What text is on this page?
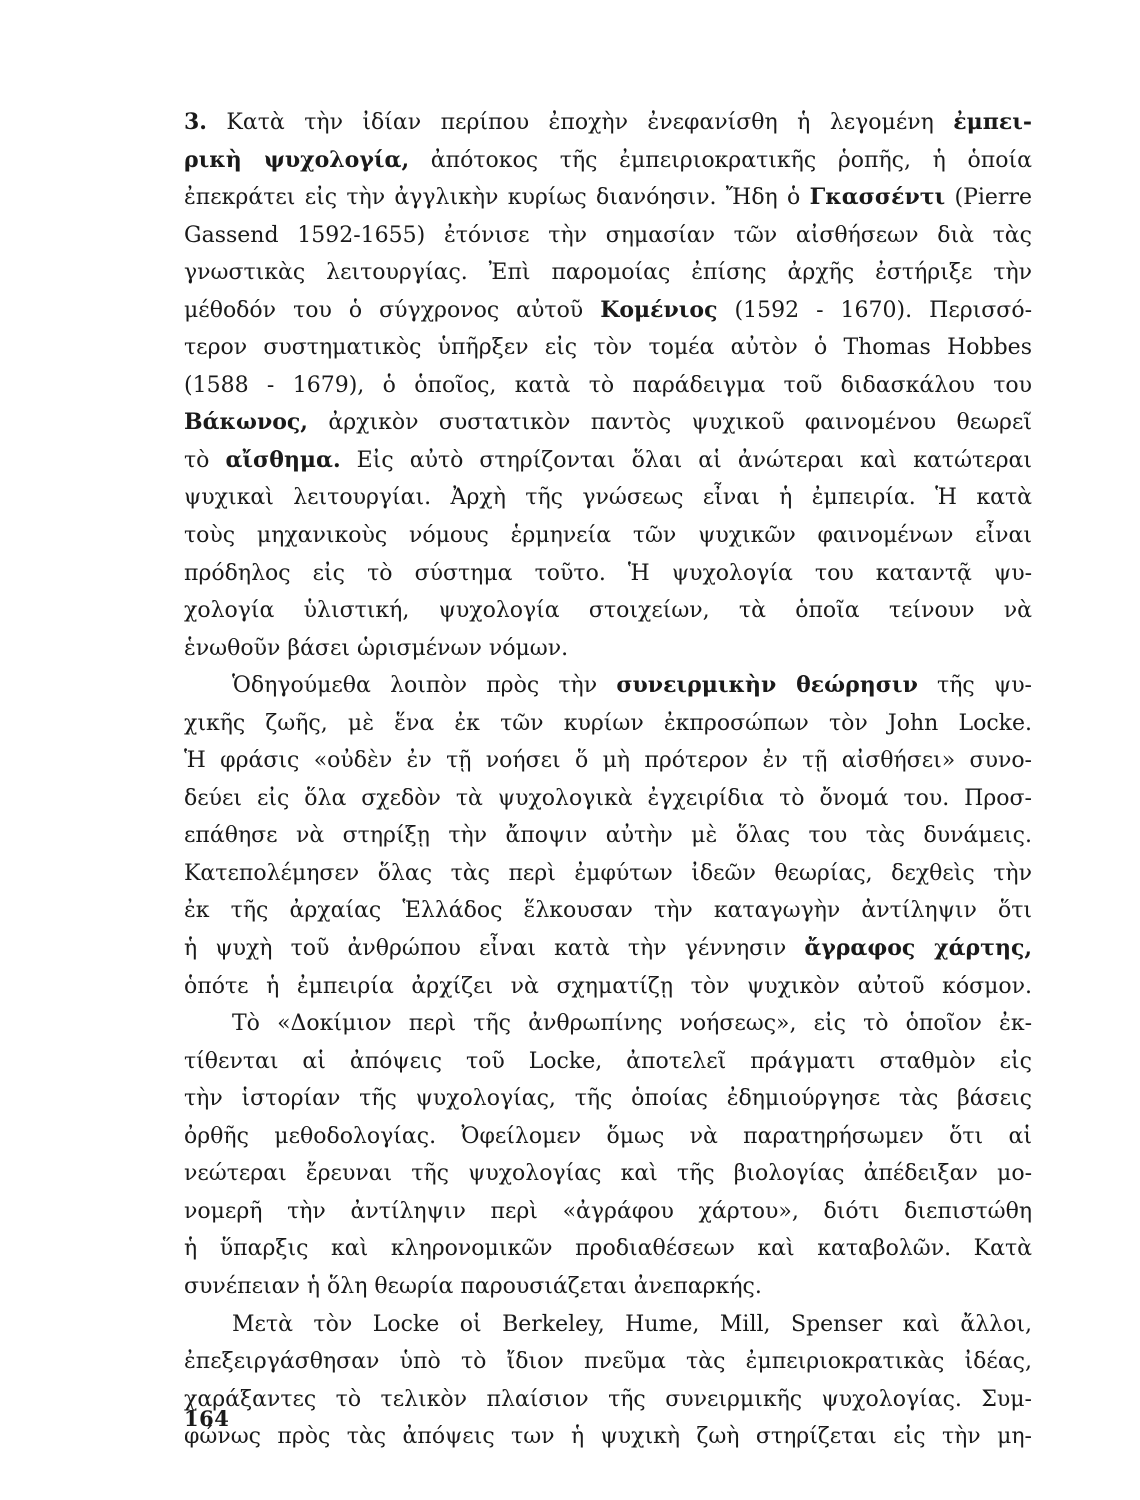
3. Κατὰ τὴν ἰδίαν περίπου ἐποχὴν ἐνεφανίσθη ἡ λεγομένη ἐμπει-
ρικὴ ψυχολογία, ἀπότοκος τῆς ἐμπειριοκρατικῆς ῥοπῆς, ἡ ὁποία
ἐπεκράτει εἰς τὴν ἀγγλικὴν κυρίως διανόησιν. Ἤδη ὁ Γκασσέντι (Pierre
Gassend 1592-1655) ἐτόνισε τὴν σημασίαν τῶν αἰσθήσεων διὰ τὰς
γνωστικὰς λειτουργίας. Ἐπὶ παρομοίας ἐπίσης ἀρχῆς ἐστήριξε τὴν
μέθοδόν του ὁ σύγχρονος αὐτοῦ Κομένιος (1592 - 1670). Περισσό-
τερον συστηματικὸς ὑπῆρξεν εἰς τὸν τομέα αὐτὸν ὁ Thomas Hobbes
(1588 - 1679), ὁ ὁποῖος, κατὰ τὸ παράδειγμα τοῦ διδασκάλου του
Βάκωνος, ἀρχικὸν συστατικὸν παντὸς ψυχικοῦ φαινομένου θεωρεῖ
τὸ αἴσθημα. Εἰς αὐτὸ στηρίζονται ὅλαι αἱ ἀνώτεραι καὶ κατώτεραι
ψυχικαὶ λειτουργίαι. Ἀρχὴ τῆς γνώσεως εἶναι ἡ ἐμπειρία. Ἡ κατὰ
τοὺς μηχανικοὺς νόμους ἑρμηνεία τῶν ψυχικῶν φαινομένων εἶναι
πρόδηλος εἰς τὸ σύστημα τοῦτο. Ἡ ψυχολογία του καταντᾷ ψυ-
χολογία ὑλιστική, ψυχολογία στοιχείων, τὰ ὁποῖα τείνουν νὰ
ἑνωθοῦν βάσει ὡρισμένων νόμων.
Ὁδηγούμεθα λοιπὸν πρὸς τὴν συνειρμικὴν θεώρησιν τῆς ψυ-
χικῆς ζωῆς, μὲ ἕνα ἐκ τῶν κυρίων ἐκπροσώπων τὸν John Locke.
Ἡ φράσις «οὐδὲν ἐν τῇ νοήσει ὅ μὴ πρότερον ἐν τῇ αἰσθήσει» συνο-
δεύει εἰς ὅλα σχεδὸν τὰ ψυχολογικὰ ἐγχειρίδια τὸ ὄνομά του. Προσ-
επάθησε νὰ στηρίξῃ τὴν ἄποψιν αὐτὴν μὲ ὅλας του τὰς δυνάμεις.
Κατεπολέμησεν ὅλας τὰς περὶ ἐμφύτων ἰδεῶν θεωρίας, δεχθεὶς τὴν
ἐκ τῆς ἀρχαίας Ἑλλάδος ἕλκουσαν τὴν καταγωγὴν ἀντίληψιν ὅτι
ἡ ψυχὴ τοῦ ἀνθρώπου εἶναι κατὰ τὴν γέννησιν ἄγραφος χάρτης,
ὁπότε ἡ ἐμπειρία ἀρχίζει νὰ σχηματίζῃ τὸν ψυχικὸν αὐτοῦ κόσμον.
Τὸ «Δοκίμιον περὶ τῆς ἀνθρωπίνης νοήσεως», εἰς τὸ ὁποῖον ἐκ-
τίθενται αἱ ἀπόψεις τοῦ Locke, ἀποτελεῖ πράγματι σταθμὸν εἰς
τὴν ἱστορίαν τῆς ψυχολογίας, τῆς ὁποίας ἐδημιούργησε τὰς βάσεις
ὀρθῆς μεθοδολογίας. Ὀφείλομεν ὅμως νὰ παρατηρήσωμεν ὅτι αἱ
νεώτεραι ἔρευναι τῆς ψυχολογίας καὶ τῆς βιολογίας ἀπέδειξαν μο-
νομερῆ τὴν ἀντίληψιν περὶ «ἀγράφου χάρτου», διότι διεπιστώθη
ἡ ὕπαρξις καὶ κληρονομικῶν προδιαθέσεων καὶ καταβολῶν. Κατὰ
συνέπειαν ἡ ὅλη θεωρία παρουσιάζεται ἀνεπαρκής.
Μετὰ τὸν Locke οἱ Berkeley, Hume, Mill, Spenser καὶ ἄλλοι,
ἐπεξειργάσθησαν ὑπὸ τὸ ἴδιον πνεῦμα τὰς ἐμπειριοκρατικὰς ἰδέας,
χαράξαντες τὸ τελικὸν πλαίσιον τῆς συνειρμικῆς ψυχολογίας. Συμ-
φώνως πρὸς τὰς ἀπόψεις των ἡ ψυχικὴ ζωὴ στηρίζεται εἰς τὴν μη-
164
